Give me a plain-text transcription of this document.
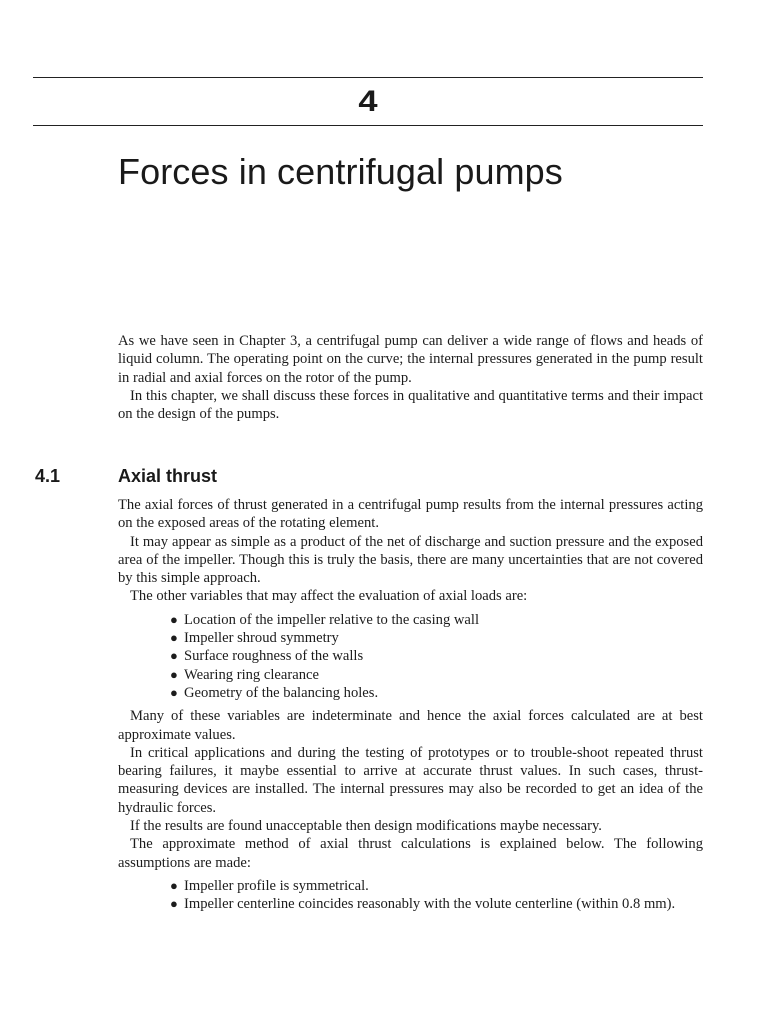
4
Forces in centrifugal pumps

As we have seen in Chapter 3, a centrifugal pump can deliver a wide range of flows and heads of liquid column. The operating point on the curve; the internal pressures generated in the pump result in radial and axial forces on the rotor of the pump.

In this chapter, we shall discuss these forces in qualitative and quantitative terms and their impact on the design of the pumps.

4.1	Axial thrust

The axial forces of thrust generated in a centrifugal pump results from the internal pressures acting on the exposed areas of the rotating element.

It may appear as simple as a product of the net of discharge and suction pressure and the exposed area of the impeller. Though this is truly the basis, there are many uncertainties that are not covered by this simple approach.

The other variables that may affect the evaluation of axial loads are:

● Location of the impeller relative to the casing wall
● Impeller shroud symmetry
● Surface roughness of the walls
● Wearing ring clearance
● Geometry of the balancing holes.

Many of these variables are indeterminate and hence the axial forces calculated are at best approximate values.

In critical applications and during the testing of prototypes or to trouble-shoot repeated thrust bearing failures, it maybe essential to arrive at accurate thrust values. In such cases, thrust-measuring devices are installed. The internal pressures may also be recorded to get an idea of the hydraulic forces.

If the results are found unacceptable then design modifications maybe necessary.

The approximate method of axial thrust calculations is explained below. The following assumptions are made:

● Impeller profile is symmetrical.
● Impeller centerline coincides reasonably with the volute centerline (within 0.8 mm).
